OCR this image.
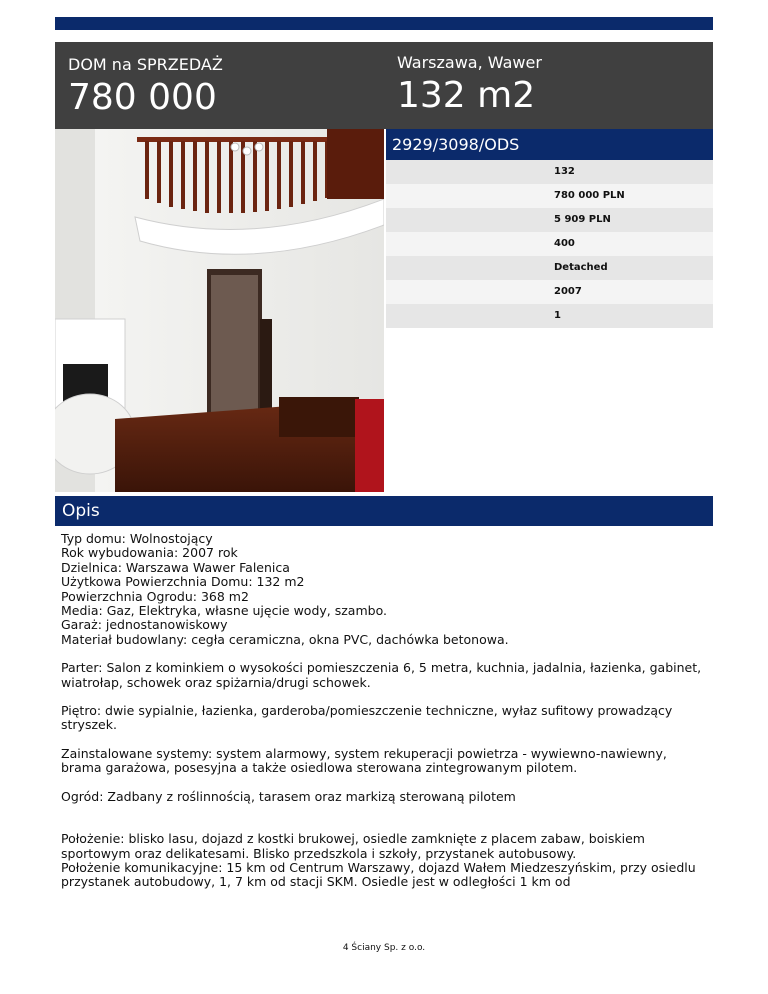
DOM na SPRZEDAŻ
780 000
Warszawa, Wawer
132 m2
2929/3098/ODS
132
780 000 PLN
5 909 PLN
400
Detached
2007
1
Opis

Typ domu: Wolnostojący
Rok wybudowania: 2007 rok
Dzielnica: Warszawa Wawer Falenica
Użytkowa Powierzchnia Domu: 132 m2
Powierzchnia Ogrodu: 368 m2
Media: Gaz, Elektryka, własne ujęcie wody, szambo.
Garaż: jednostanowiskowy
Materiał budowlany: cegła ceramiczna, okna PVC, dachówka betonowa.

Parter: Salon z kominkiem o wysokości pomieszczenia 6, 5 metra, kuchnia, jadalnia, łazienka, gabinet, wiatrołap, schowek oraz spiżarnia/drugi schowek.

Piętro: dwie sypialnie, łazienka, garderoba/pomieszczenie techniczne, wyłaz sufitowy prowadzący stryszek.

Zainstalowane systemy: system alarmowy, system rekuperacji powietrza - wywiewno-nawiewny, brama garażowa, posesyjna a także osiedlowa sterowana zintegrowanym pilotem.

Ogród: Zadbany z roślinnością, tarasem oraz markizą sterowaną pilotem

Położenie: blisko lasu, dojazd z kostki brukowej, osiedle zamknięte z placem zabaw, boiskiem sportowym oraz delikatesami. Blisko przedszkola i szkoły, przystanek autobusowy.
Położenie komunikacyjne: 15 km od Centrum Warszawy, dojazd Wałem Miedzeszyńskim, przy osiedlu przystanek autobudowy, 1, 7 km od stacji SKM. Osiedle jest w odległości 1 km od

4 Ściany Sp. z o.o.
